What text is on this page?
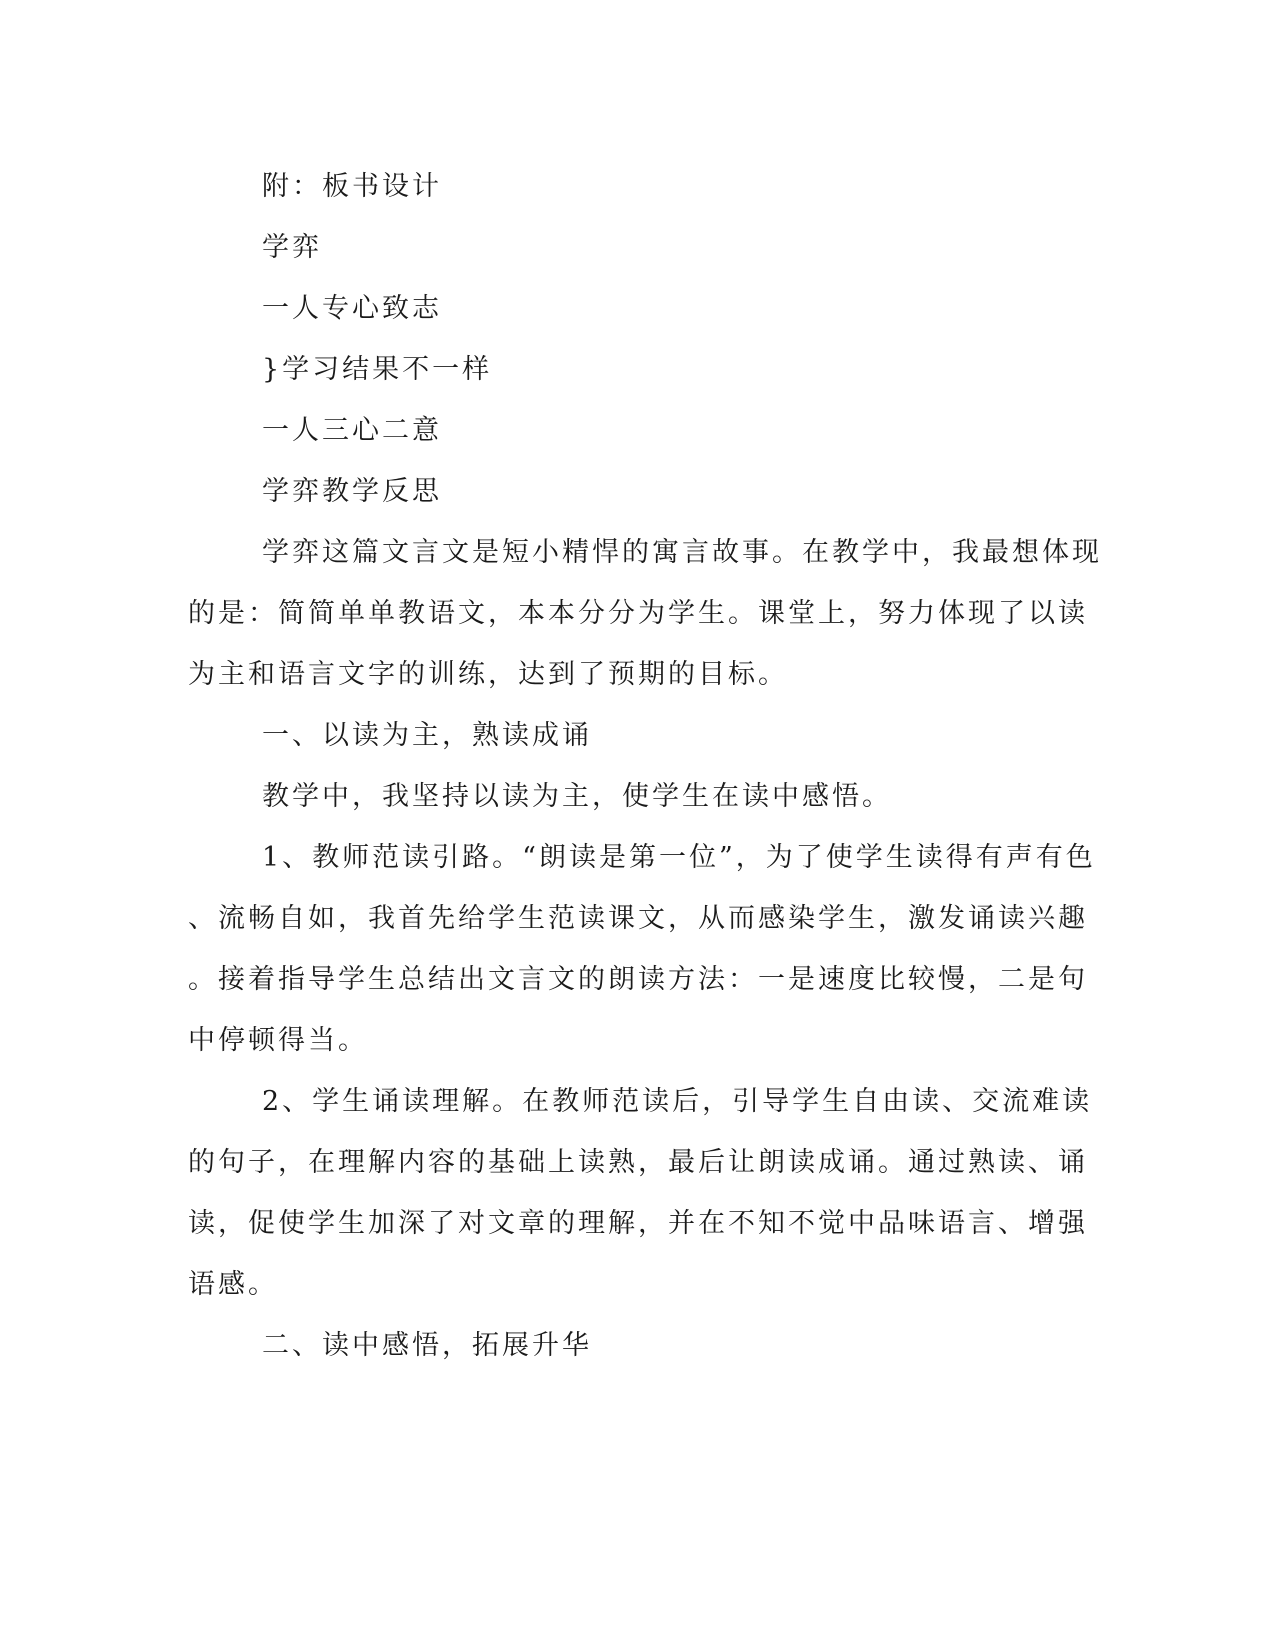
附：板书设计

学弈

一人专心致志

}学习结果不一样

一人三心二意

学弈教学反思

学弈这篇文言文是短小精悍的寓言故事。在教学中，我最想体现

的是：简简单单教语文，本本分分为学生。课堂上，努力体现了以读

为主和语言文字的训练，达到了预期的目标。

一、以读为主，熟读成诵

教学中，我坚持以读为主，使学生在读中感悟。

1、教师范读引路。“朗读是第一位”，为了使学生读得有声有色

、流畅自如，我首先给学生范读课文，从而感染学生，激发诵读兴趣

。接着指导学生总结出文言文的朗读方法：一是速度比较慢，二是句

中停顿得当。

2、学生诵读理解。在教师范读后，引导学生自由读、交流难读

的句子，在理解内容的基础上读熟，最后让朗读成诵。通过熟读、诵

读，促使学生加深了对文章的理解，并在不知不觉中品味语言、增强

语感。

二、读中感悟，拓展升华
